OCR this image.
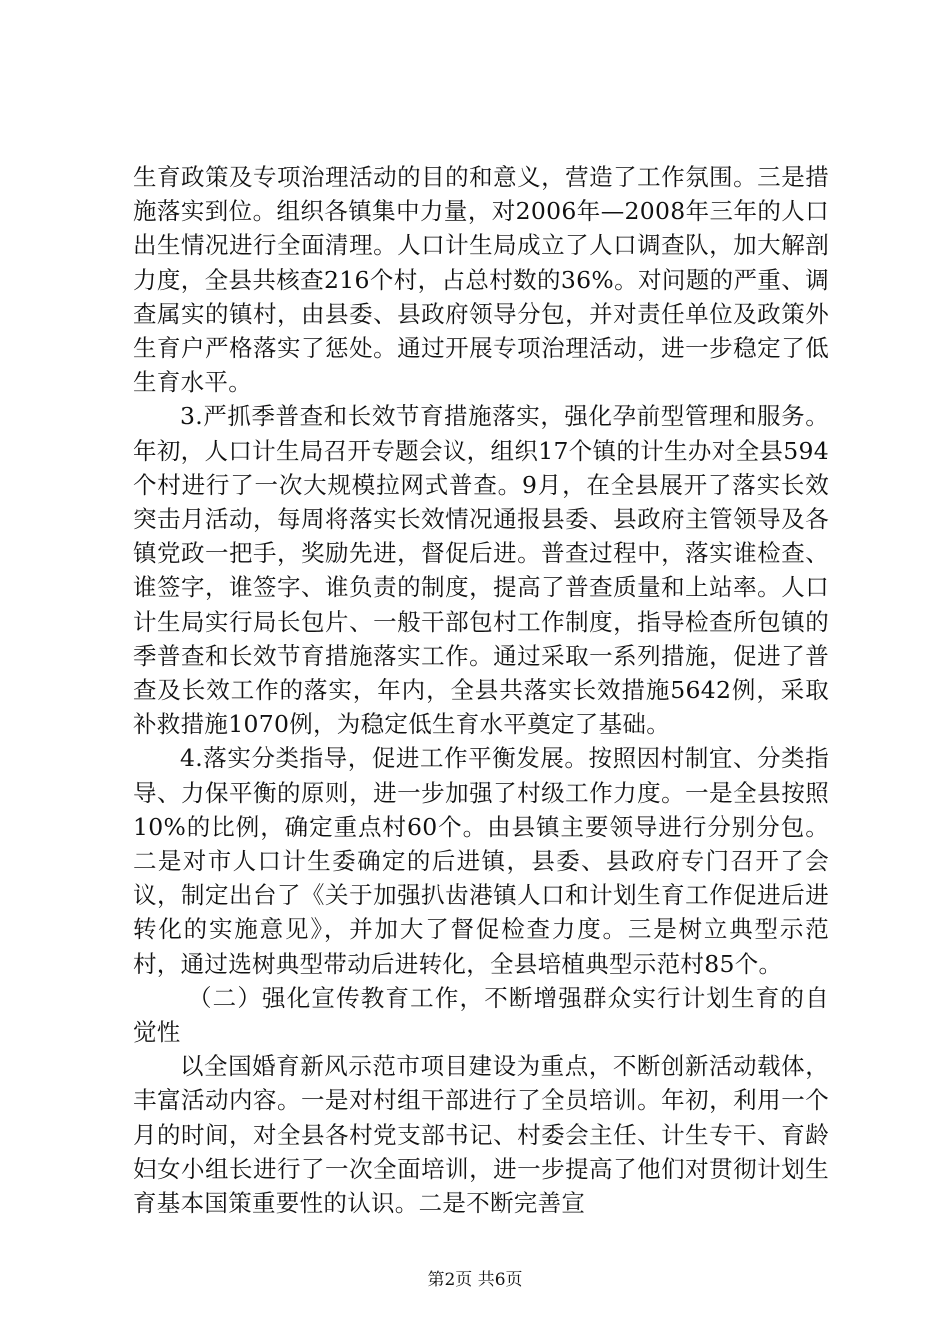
生育政策及专项治理活动的目的和意义，营造了工作氛围。三是措施落实到位。组织各镇集中力量，对2006年—2008年三年的人口出生情况进行全面清理。人口计生局成立了人口调查队，加大解剖力度，全县共核查216个村，占总村数的36%。对问题的严重、调查属实的镇村，由县委、县政府领导分包，并对责任单位及政策外生育户严格落实了惩处。通过开展专项治理活动，进一步稳定了低生育水平。

3.严抓季普查和长效节育措施落实，强化孕前型管理和服务。年初，人口计生局召开专题会议，组织17个镇的计生办对全县594个村进行了一次大规模拉网式普查。9月，在全县展开了落实长效突击月活动，每周将落实长效情况通报县委、县政府主管领导及各镇党政一把手，奖励先进，督促后进。普查过程中，落实谁检查、谁签字，谁签字、谁负责的制度，提高了普查质量和上站率。人口计生局实行局长包片、一般干部包村工作制度，指导检查所包镇的季普查和长效节育措施落实工作。通过采取一系列措施，促进了普查及长效工作的落实，年内，全县共落实长效措施5642例，采取补救措施1070例，为稳定低生育水平奠定了基础。

4.落实分类指导，促进工作平衡发展。按照因村制宜、分类指导、力保平衡的原则，进一步加强了村级工作力度。一是全县按照10%的比例，确定重点村60个。由县镇主要领导进行分别分包。二是对市人口计生委确定的后进镇，县委、县政府专门召开了会议，制定出台了《关于加强扒齿港镇人口和计划生育工作促进后进转化的实施意见》，并加大了督促检查力度。三是树立典型示范村，通过选树典型带动后进转化，全县培植典型示范村85个。

（二）强化宣传教育工作，不断增强群众实行计划生育的自觉性

以全国婚育新风示范市项目建设为重点，不断创新活动载体，丰富活动内容。一是对村组干部进行了全员培训。年初，利用一个月的时间，对全县各村党支部书记、村委会主任、计生专干、育龄妇女小组长进行了一次全面培训，进一步提高了他们对贯彻计划生育基本国策重要性的认识。二是不断完善宣

第2页 共6页
